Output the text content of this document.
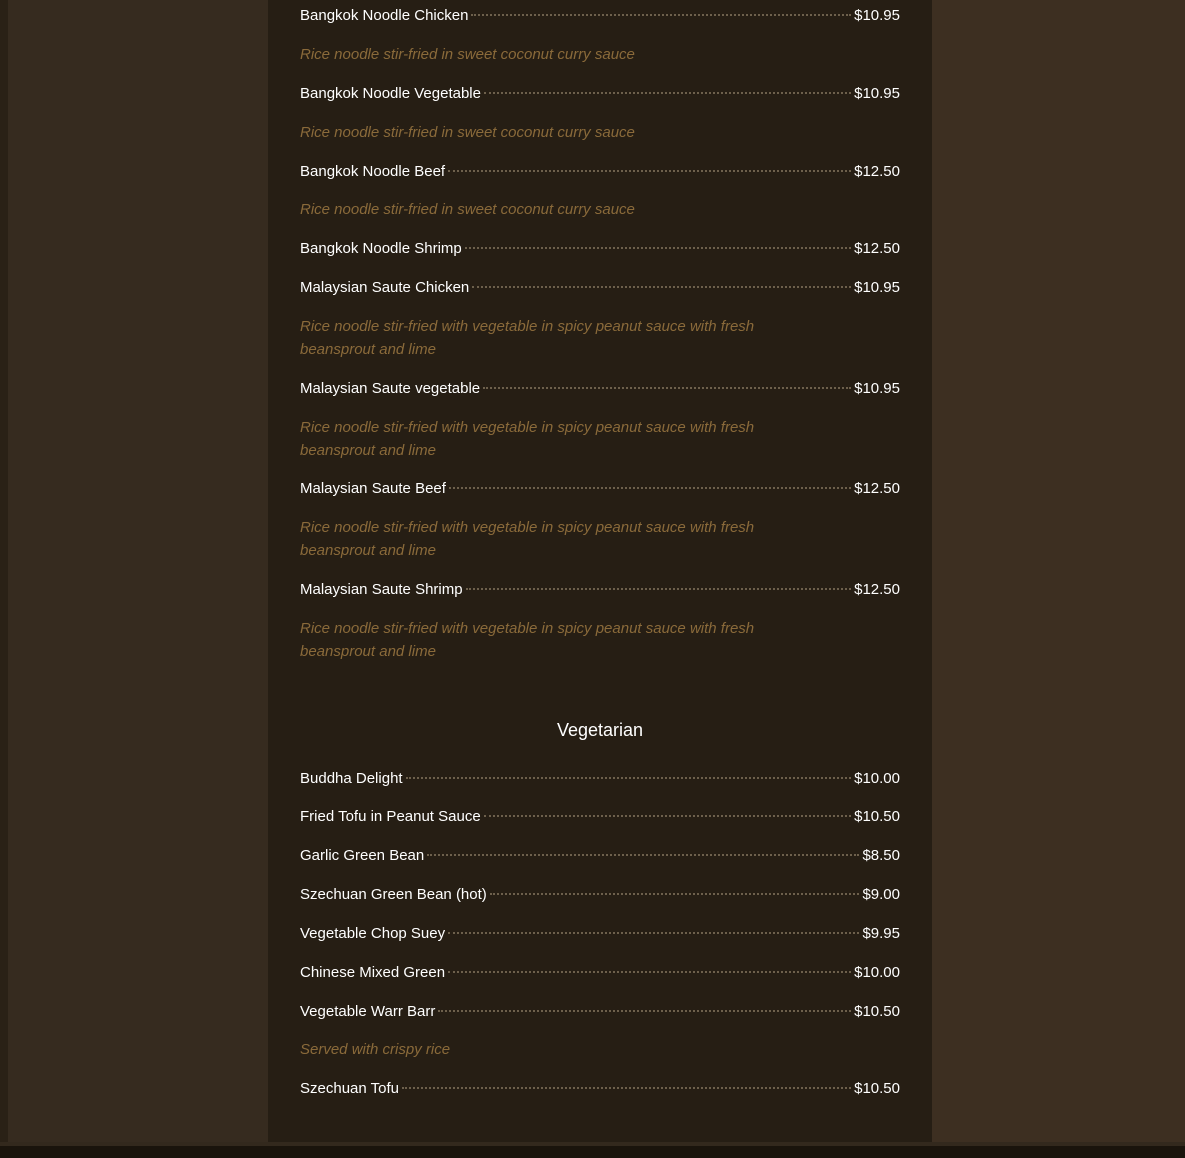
Bangkok Noodle Chicken	$10.95
Rice noodle stir-fried in sweet coconut curry sauce
Bangkok Noodle Vegetable	$10.95
Rice noodle stir-fried in sweet coconut curry sauce
Bangkok Noodle Beef	$12.50
Rice noodle stir-fried in sweet coconut curry sauce
Bangkok Noodle Shrimp	$12.50
Malaysian Saute Chicken	$10.95
Rice noodle stir-fried with vegetable in spicy peanut sauce with fresh beansprout and lime
Malaysian Saute vegetable	$10.95
Rice noodle stir-fried with vegetable in spicy peanut sauce with fresh beansprout and lime
Malaysian Saute Beef	$12.50
Rice noodle stir-fried with vegetable in spicy peanut sauce with fresh beansprout and lime
Malaysian Saute Shrimp	$12.50
Rice noodle stir-fried with vegetable in spicy peanut sauce with fresh beansprout and lime
Vegetarian
Buddha Delight	$10.00
Fried Tofu in Peanut Sauce	$10.50
Garlic Green Bean	$8.50
Szechuan Green Bean (hot)	$9.00
Vegetable Chop Suey	$9.95
Chinese Mixed Green	$10.00
Vegetable Warr Barr	$10.50
Served with crispy rice
Szechuan Tofu	$10.50
